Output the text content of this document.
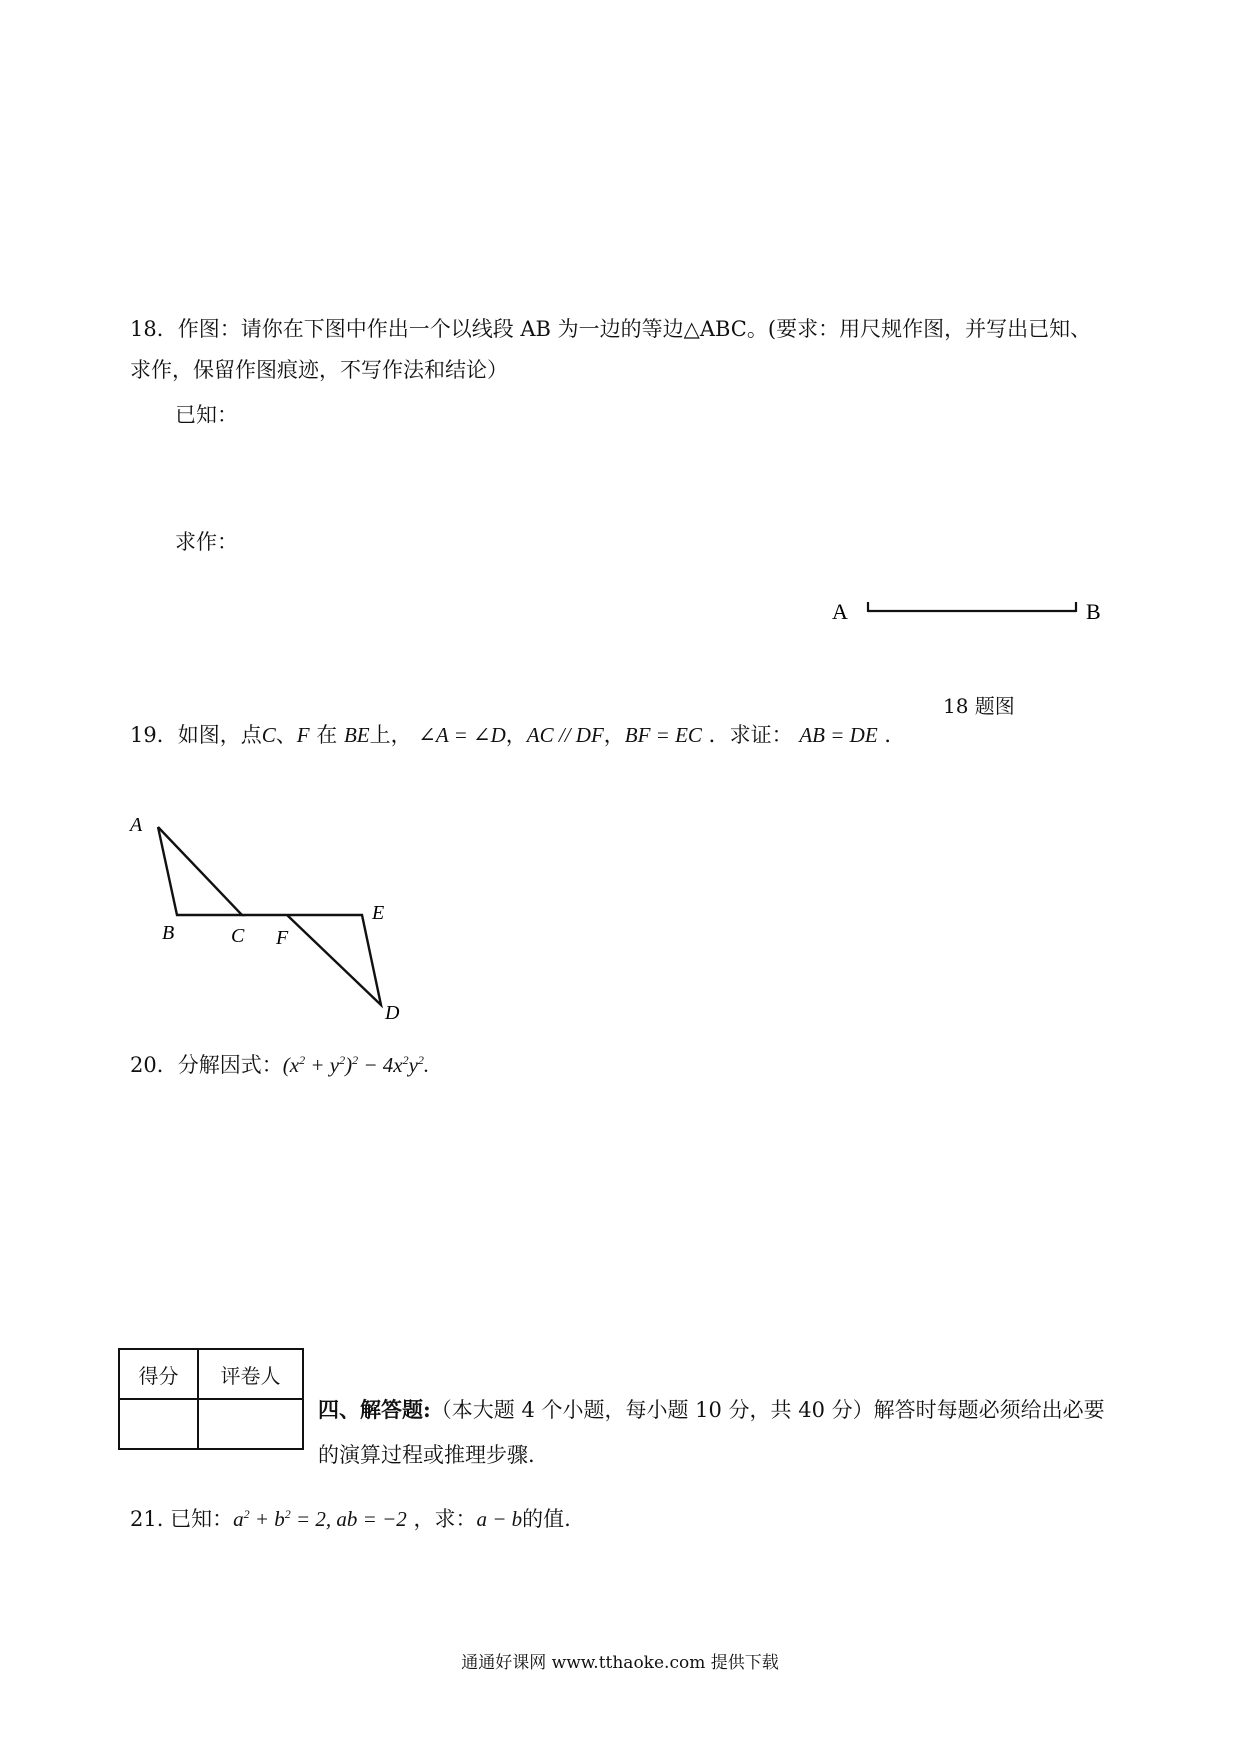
18．作图：请你在下图中作出一个以线段 AB 为一边的等边△ABC。(要求：用尺规作图，并写出已知、
求作，保留作图痕迹，不写作法和结论）
已知：
求作：
A	B
18 题图
19．如图，点C、F 在 BE上， ∠A = ∠D，AC // DF，BF = EC ．求证： AB = DE ．
A
B	C F
E
D
20．分解因式：$(x^2 + y^2)^2 - 4x^2y^2$.
得分	评卷人

四、解答题:（本大题 4 个小题，每小题 10 分，共 40 分）解答时每题必须给出必要
的演算过程或推理步骤.
21. 已知：$a^2 + b^2 = 2$, ab = −2 ，求：a − b的值.
通通好课网 www.tthaoke.com 提供下载
